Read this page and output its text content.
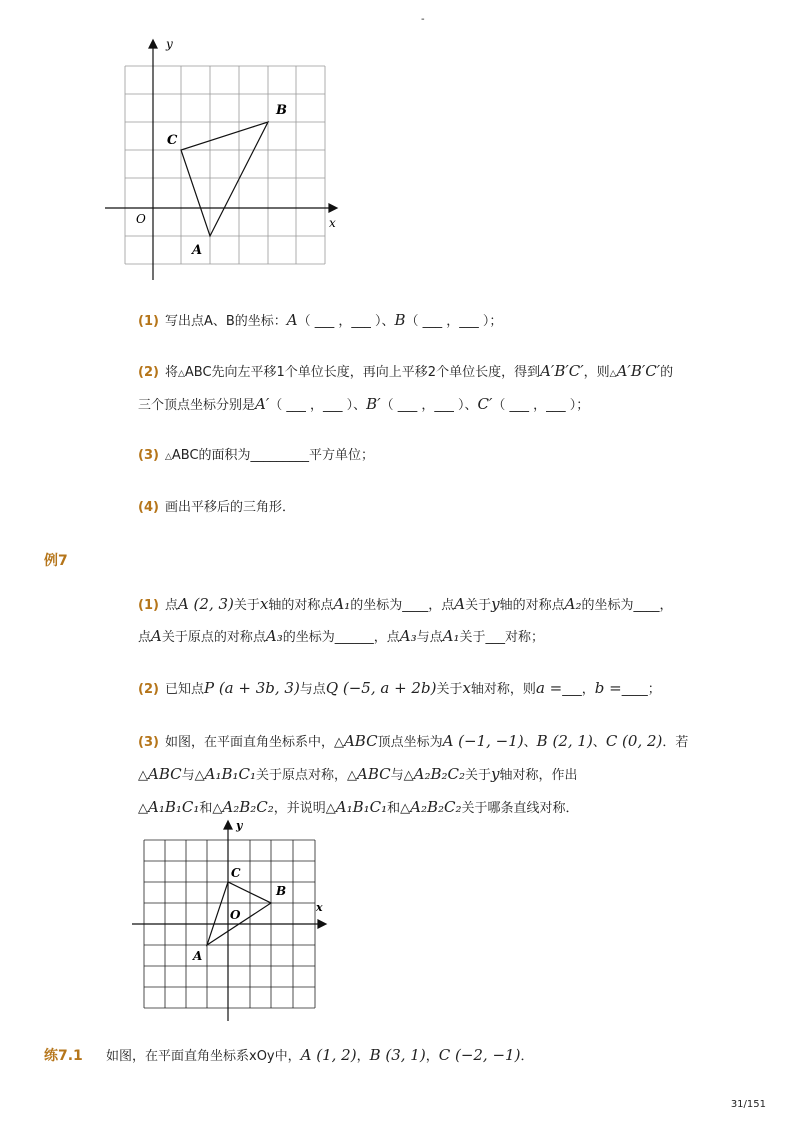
-
y
x
O
A
B
C
(1) 写出点A、B的坐标：A（ ___ ，___ ）、B（ ___ ，___ ）；
(2) 将△ABC先向左平移1个单位长度，再向上平移2个单位长度，得到A′B′C′，则△A′B′C′的
三个顶点坐标分别是A′（ ___ ，___ ）、B′（ ___ ，___ ）、C′（ ___ ，___ ）；
(3) △ABC的面积为_________平方单位；
(4) 画出平移后的三角形．
例7
(1) 点A (2, 3)关于x轴的对称点A₁的坐标为____，点A关于y轴的对称点A₂的坐标为____，
点A关于原点的对称点A₃的坐标为______，点A₃与点A₁关于___对称；
(2) 已知点P (a + 3b, 3)与点Q (−5, a + 2b)关于x轴对称，则a =___，b =____；
(3) 如图，在平面直角坐标系中，△ABC顶点坐标为A (−1, −1)、B (2, 1)、C (0, 2)．若
△ABC与△A₁B₁C₁关于原点对称，△ABC与△A₂B₂C₂关于y轴对称，作出
△A₁B₁C₁和△A₂B₂C₂，并说明△A₁B₁C₁和△A₂B₂C₂关于哪条直线对称．
y
x
O
A
B
C
练7.1 如图，在平面直角坐标系xOy中，A (1, 2)，B (3, 1)，C (−2, −1)．
31/151
